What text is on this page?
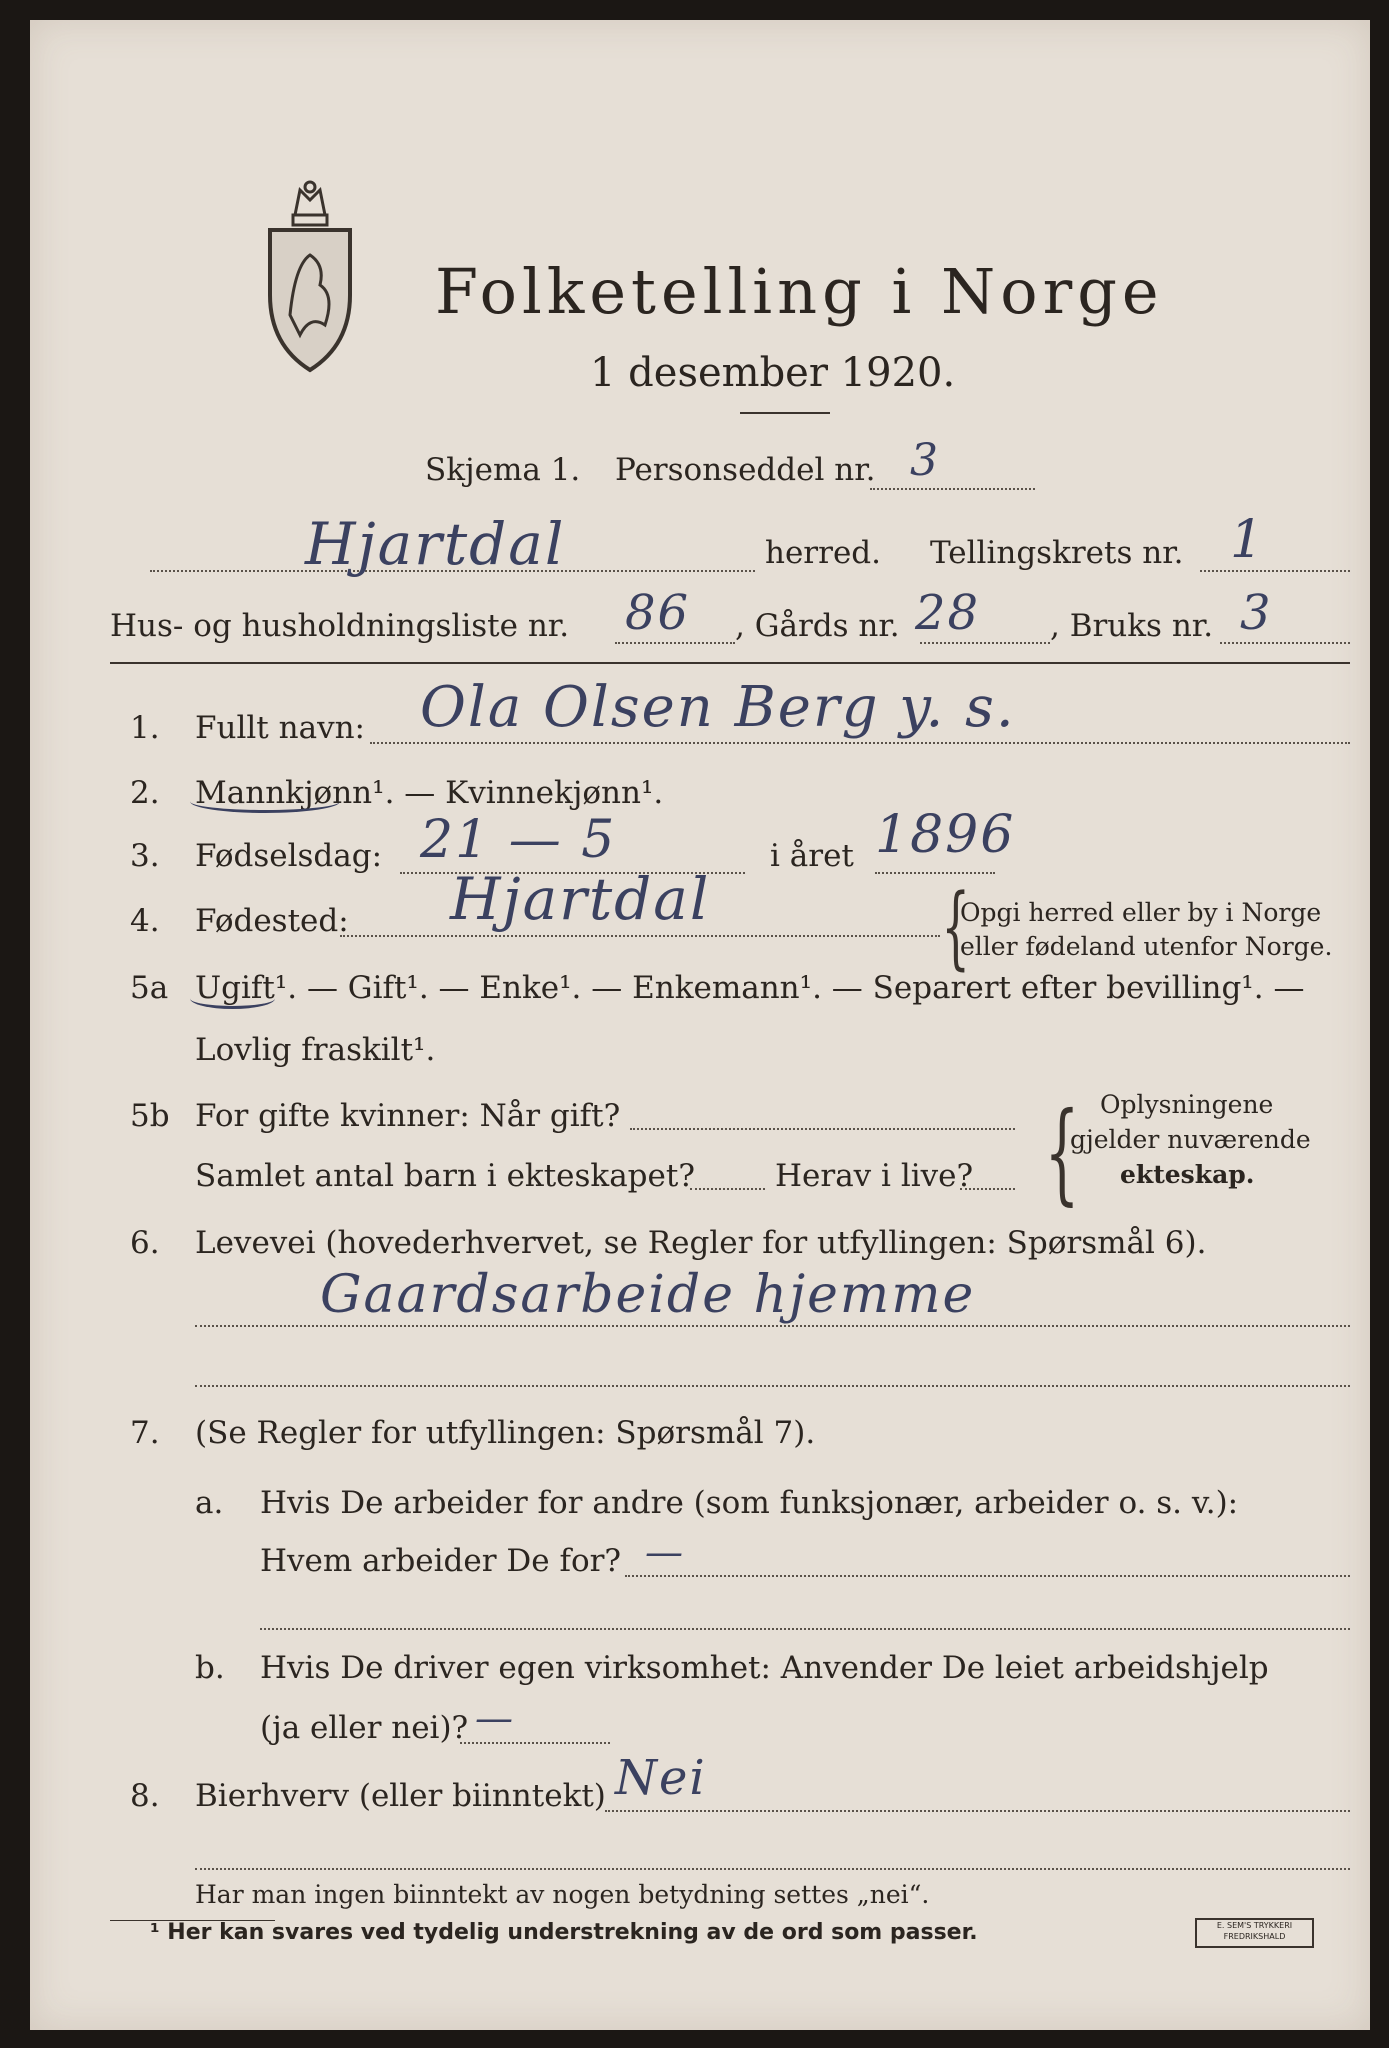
Folketelling i Norge
1 desember 1920.
Skjema 1. Personseddel nr. 3
Hjartdal	herred. Tellingskrets nr. 1
Hus- og husholdningsliste nr. 86 , Gårds nr. 28 , Bruks nr. 3
1. Fullt navn: Ola Olsen Berg y. s.
2. Mannkjønn¹. — Kvinnekjønn¹.
3. Fødselsdag: 21 — 5	i året 1896
4. Fødested: Hjartdal	{
Opgi herred eller by i Norge
eller fødeland utenfor Norge.
5a Ugift¹. — Gift¹. — Enke¹. — Enkemann¹. — Separert efter bevilling¹. —
Lovlig fraskilt¹.
5b For gifte kvinner: Når gift?
Samlet antal barn i ekteskapet?	Herav i live? { Oplysningene
gjelder nuværende
ekteskap.
6. Levevei (hovederhvervet, se Regler for utfyllingen: Spørsmål 6).
Gaardsarbeide hjemme
7. (Se Regler for utfyllingen: Spørsmål 7).
a. Hvis De arbeider for andre (som funksjonær, arbeider o. s. v.):
Hvem arbeider De for? —
b. Hvis De driver egen virksomhet: Anvender De leiet arbeidshjelp
(ja eller nei)? —
8. Bierhverv (eller biinntekt) Nei
Har man ingen biinntekt av nogen betydning settes „nei“.
¹ Her kan svares ved tydelig understrekning av de ord som passer.	E. SEM'S TRYKKERI FREDRIKSHALD
